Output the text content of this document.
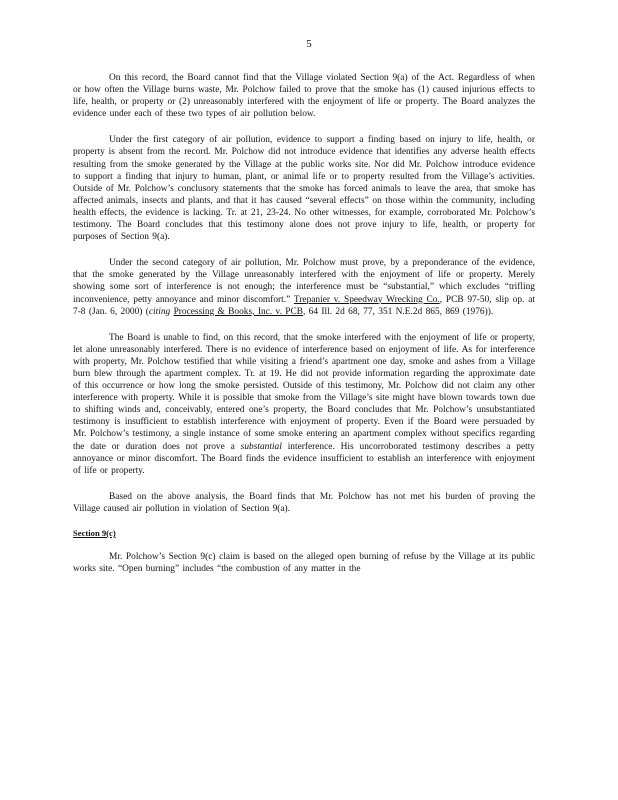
5

On this record, the Board cannot find that the Village violated Section 9(a) of the Act. Regardless of when or how often the Village burns waste, Mr. Polchow failed to prove that the smoke has (1) caused injurious effects to life, health, or property or (2) unreasonably interfered with the enjoyment of life or property. The Board analyzes the evidence under each of these two types of air pollution below.

Under the first category of air pollution, evidence to support a finding based on injury to life, health, or property is absent from the record. Mr. Polchow did not introduce evidence that identifies any adverse health effects resulting from the smoke generated by the Village at the public works site. Nor did Mr. Polchow introduce evidence to support a finding that injury to human, plant, or animal life or to property resulted from the Village’s activities. Outside of Mr. Polchow’s conclusory statements that the smoke has forced animals to leave the area, that smoke has affected animals, insects and plants, and that it has caused “several effects” on those within the community, including health effects, the evidence is lacking. Tr. at 21, 23-24. No other witnesses, for example, corroborated Mr. Polchow’s testimony. The Board concludes that this testimony alone does not prove injury to life, health, or property for purposes of Section 9(a).

Under the second category of air pollution, Mr. Polchow must prove, by a preponderance of the evidence, that the smoke generated by the Village unreasonably interfered with the enjoyment of life or property. Merely showing some sort of interference is not enough; the interference must be “substantial,” which excludes “trifling inconvenience, petty annoyance and minor discomfort.” Trepanier v. Speedway Wrecking Co., PCB 97-50, slip op. at 7-8 (Jan. 6, 2000) (citing Processing & Books, Inc. v. PCB, 64 Ill. 2d 68, 77, 351 N.E.2d 865, 869 (1976)).

The Board is unable to find, on this record, that the smoke interfered with the enjoyment of life or property, let alone unreasonably interfered. There is no evidence of interference based on enjoyment of life. As for interference with property, Mr. Polchow testified that while visiting a friend’s apartment one day, smoke and ashes from a Village burn blew through the apartment complex. Tr. at 19. He did not provide information regarding the approximate date of this occurrence or how long the smoke persisted. Outside of this testimony, Mr. Polchow did not claim any other interference with property. While it is possible that smoke from the Village’s site might have blown towards town due to shifting winds and, conceivably, entered one’s property, the Board concludes that Mr. Polchow’s unsubstantiated testimony is insufficient to establish interference with enjoyment of property. Even if the Board were persuaded by Mr. Polchow’s testimony, a single instance of some smoke entering an apartment complex without specifics regarding the date or duration does not prove a substantial interference. His uncorroborated testimony describes a petty annoyance or minor discomfort. The Board finds the evidence insufficient to establish an interference with enjoyment of life or property.

Based on the above analysis, the Board finds that Mr. Polchow has not met his burden of proving the Village caused air pollution in violation of Section 9(a).

Section 9(c)

Mr. Polchow’s Section 9(c) claim is based on the alleged open burning of refuse by the Village at its public works site. “Open burning” includes “the combustion of any matter in the
